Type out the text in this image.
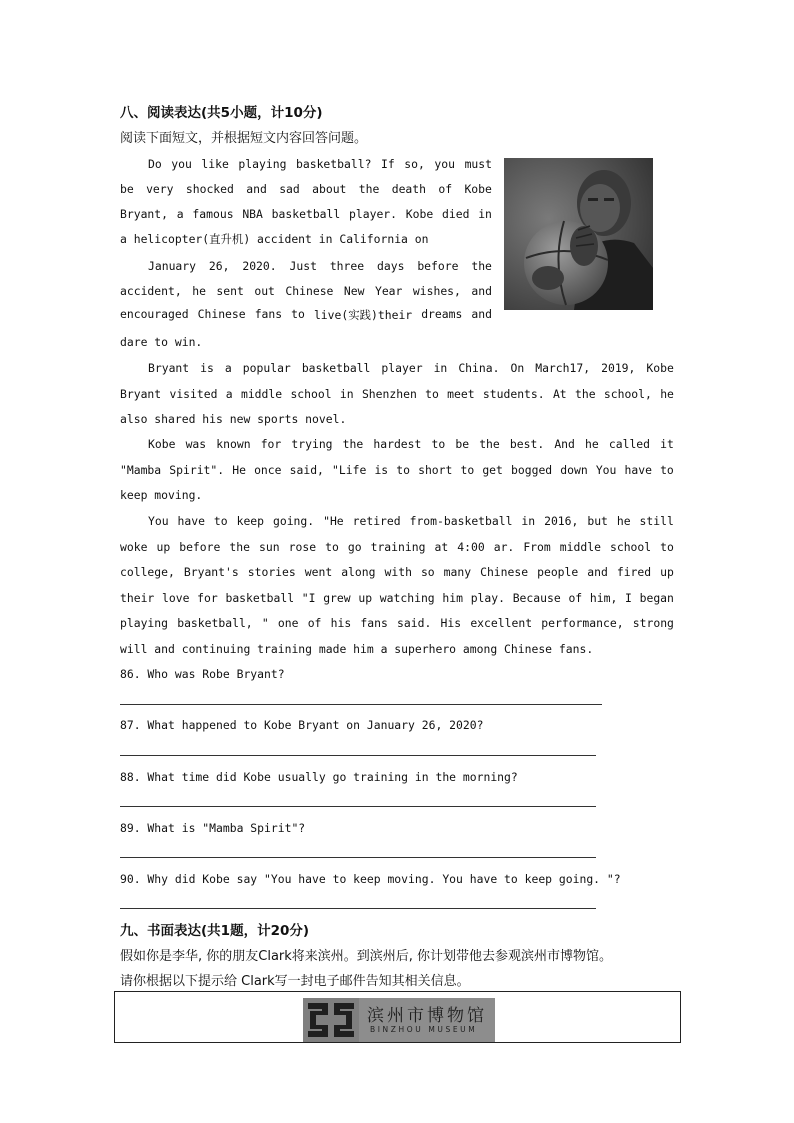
八、阅读表达(共5小题，计10分)
阅读下面短文，并根据短文内容回答问题。
Do you like playing basketball? If so, you must
be very shocked and sad about the death of Kobe
Bryant, a famous NBA basketball player. Kobe died in
a helicopter(直升机) accident in California on
January 26, 2020. Just three days before the
accident, he sent out Chinese New Year wishes, and
encouraged Chinese fans to live(实践)their dreams and
dare to win.
Bryant is a popular basketball player in China. On March17, 2019, Kobe
Bryant visited a middle school in Shenzhen to meet students. At the school, he
also shared his new sports novel.
Kobe was known for trying the hardest to be the best. And he called it
"Mamba Spirit". He once said, "Life is to short to get bogged down You have to
keep moving.
You have to keep going. "He retired from-basketball in 2016, but he still
woke up before the sun rose to go training at 4:00 ar. From middle school to
college, Bryant's stories went along with so many Chinese people and fired up
their love for basketball "I grew up watching him play. Because of him, I began
playing basketball, " one of his fans said. His excellent performance, strong
will and continuing training made him a superhero among Chinese fans.
86. Who was Robe Bryant?
87. What happened to Kobe Bryant on January 26, 2020?
88. What time did Kobe usually go training in the morning?
89. What is "Mamba Spirit"?
90. Why did Kobe say "You have to keep moving. You have to keep going. "?
九、书面表达(共1题，计20分)
假如你是李华, 你的朋友Clark将来滨州。到滨州后, 你计划带他去参观滨州市博物馆。
请你根据以下提示给 Clark写一封电子邮件告知其相关信息。
滨州市博物馆
BINZHOU MUSEUM
